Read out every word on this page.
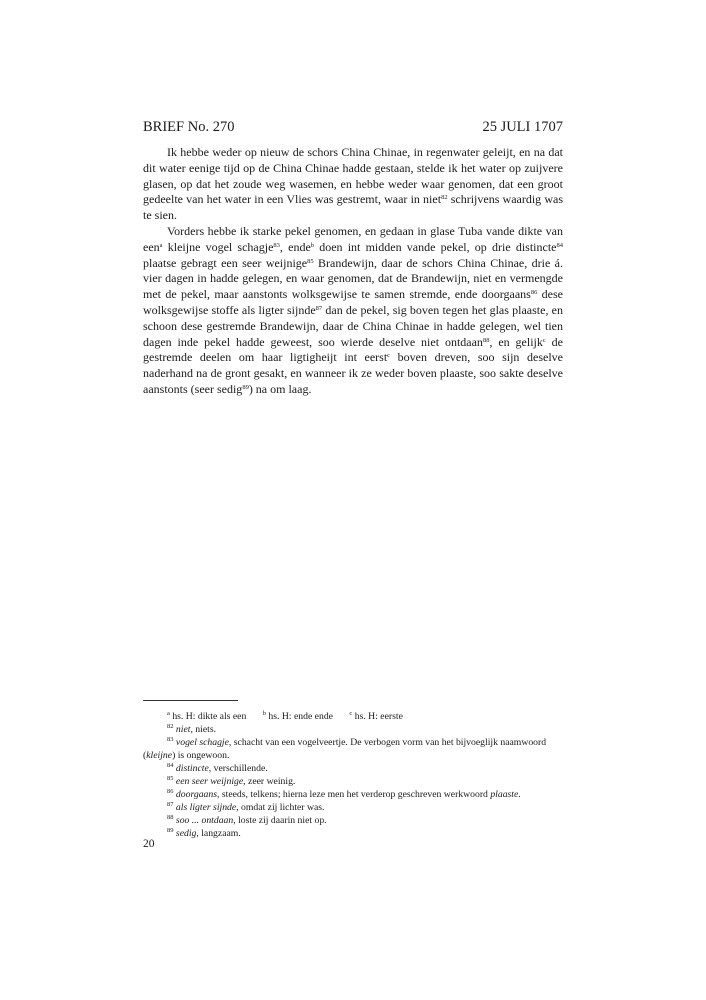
BRIEF No. 270	25 JULI 1707

Ik hebbe weder op nieuw de schors China Chinae, in regenwater geleijt, en na dat dit water eenige tijd op de China Chinae hadde gestaan, stelde ik het water op zuijvere glasen, op dat het zoude weg wasemen, en hebbe weder waar genomen, dat een groot gedeelte van het water in een Vlies was gestremt, waar in niet$^{82}$ schrijvens waardig was te sien.

Vorders hebbe ik starke pekel genomen, en gedaan in glase Tuba vande dikte van een$^a$ kleijne vogel schagje$^{83}$, ende$^b$ doen int midden vande pekel, op drie distincte$^{84}$ plaatse gebragt een seer weijnige$^{85}$ Brandewijn, daar de schors China Chinae, drie á. vier dagen in hadde gelegen, en waar genomen, dat de Brandewijn, niet en vermengde met de pekel, maar aanstonts wolksgewijse te samen stremde, ende doorgaans$^{86}$ dese wolksgewijse stoffe als ligter sijnde$^{87}$ dan de pekel, sig boven tegen het glas plaaste, en schoon dese gestremde Brandewijn, daar de China Chinae in hadde gelegen, wel tien dagen inde pekel hadde geweest, soo wierde deselve niet ontdaan$^{88}$, en gelijk$^c$ de gestremde deelen om haar ligtigheijt int eerst$^c$ boven dreven, soo sijn deselve naderhand na de gront gesakt, en wanneer ik ze weder boven plaaste, soo sakte deselve aanstonts (seer sedig$^{89}$) na om laag.

$^a$ hs. H: dikte als een	$^b$ hs. H: ende ende	$^c$ hs. H: eerste
$^{82}$ niet, niets.
$^{83}$ vogel schagje, schacht van een vogelveertje. De verbogen vorm van het bijvoeglijk naamwoord (kleijne) is ongewoon.
$^{84}$ distincte, verschillende.
$^{85}$ een seer weijnige, zeer weinig.
$^{86}$ doorgaans, steeds, telkens; hierna leze men het verderop geschreven werkwoord plaaste.
$^{87}$ als ligter sijnde, omdat zij lichter was.
$^{88}$ soo ... ontdaan, loste zij daarin niet op.
$^{89}$ sedig, langzaam.
20
